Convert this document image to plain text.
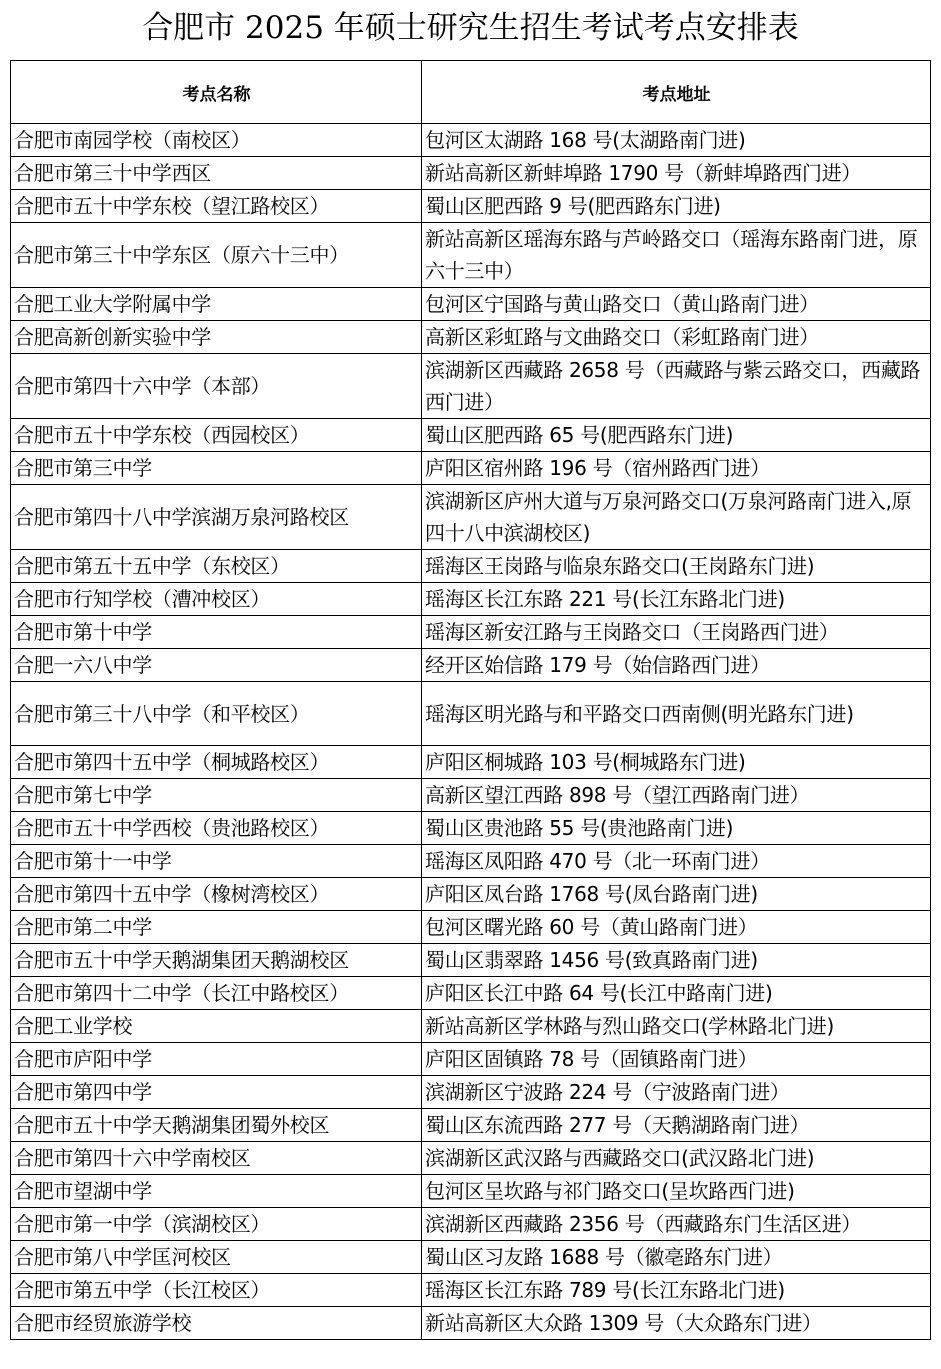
合肥市 2025 年硕士研究生招生考试考点安排表
考点名称	考点地址
合肥市南园学校（南校区）	包河区太湖路 168 号(太湖路南门进)
合肥市第三十中学西区	新站高新区新蚌埠路 1790 号（新蚌埠路西门进）
合肥市五十中学东校（望江路校区）	蜀山区肥西路 9 号(肥西路东门进)
合肥市第三十中学东区（原六十三中）	新站高新区瑶海东路与芦岭路交口（瑶海东路南门进，原六十三中）
合肥工业大学附属中学	包河区宁国路与黄山路交口（黄山路南门进）
合肥高新创新实验中学	高新区彩虹路与文曲路交口（彩虹路南门进）
合肥市第四十六中学（本部）	滨湖新区西藏路 2658 号（西藏路与紫云路交口，西藏路西门进）
合肥市五十中学东校（西园校区）	蜀山区肥西路 65 号(肥西路东门进)
合肥市第三中学	庐阳区宿州路 196 号（宿州路西门进）
合肥市第四十八中学滨湖万泉河路校区	滨湖新区庐州大道与万泉河路交口(万泉河路南门进入,原四十八中滨湖校区)
合肥市第五十五中学（东校区）	瑶海区王岗路与临泉东路交口(王岗路东门进)
合肥市行知学校（漕冲校区）	瑶海区长江东路 221 号(长江东路北门进)
合肥市第十中学	瑶海区新安江路与王岗路交口（王岗路西门进）
合肥一六八中学	经开区始信路 179 号（始信路西门进）
合肥市第三十八中学（和平校区）	瑶海区明光路与和平路交口西南侧(明光路东门进)
合肥市第四十五中学（桐城路校区）	庐阳区桐城路 103 号(桐城路东门进)
合肥市第七中学	高新区望江西路 898 号（望江西路南门进）
合肥市五十中学西校（贵池路校区）	蜀山区贵池路 55 号(贵池路南门进)
合肥市第十一中学	瑶海区凤阳路 470 号（北一环南门进）
合肥市第四十五中学（橡树湾校区）	庐阳区凤台路 1768 号(凤台路南门进)
合肥市第二中学	包河区曙光路 60 号（黄山路南门进）
合肥市五十中学天鹅湖集团天鹅湖校区	蜀山区翡翠路 1456 号(致真路南门进)
合肥市第四十二中学（长江中路校区）	庐阳区长江中路 64 号(长江中路南门进)
合肥工业学校	新站高新区学林路与烈山路交口(学林路北门进)
合肥市庐阳中学	庐阳区固镇路 78 号（固镇路南门进）
合肥市第四中学	滨湖新区宁波路 224 号（宁波路南门进）
合肥市五十中学天鹅湖集团蜀外校区	蜀山区东流西路 277 号（天鹅湖路南门进）
合肥市第四十六中学南校区	滨湖新区武汉路与西藏路交口(武汉路北门进)
合肥市望湖中学	包河区呈坎路与祁门路交口(呈坎路西门进)
合肥市第一中学（滨湖校区）	滨湖新区西藏路 2356 号（西藏路东门生活区进）
合肥市第八中学匡河校区	蜀山区习友路 1688 号（徽亳路东门进）
合肥市第五中学（长江校区）	瑶海区长江东路 789 号(长江东路北门进)
合肥市经贸旅游学校	新站高新区大众路 1309 号（大众路东门进）
